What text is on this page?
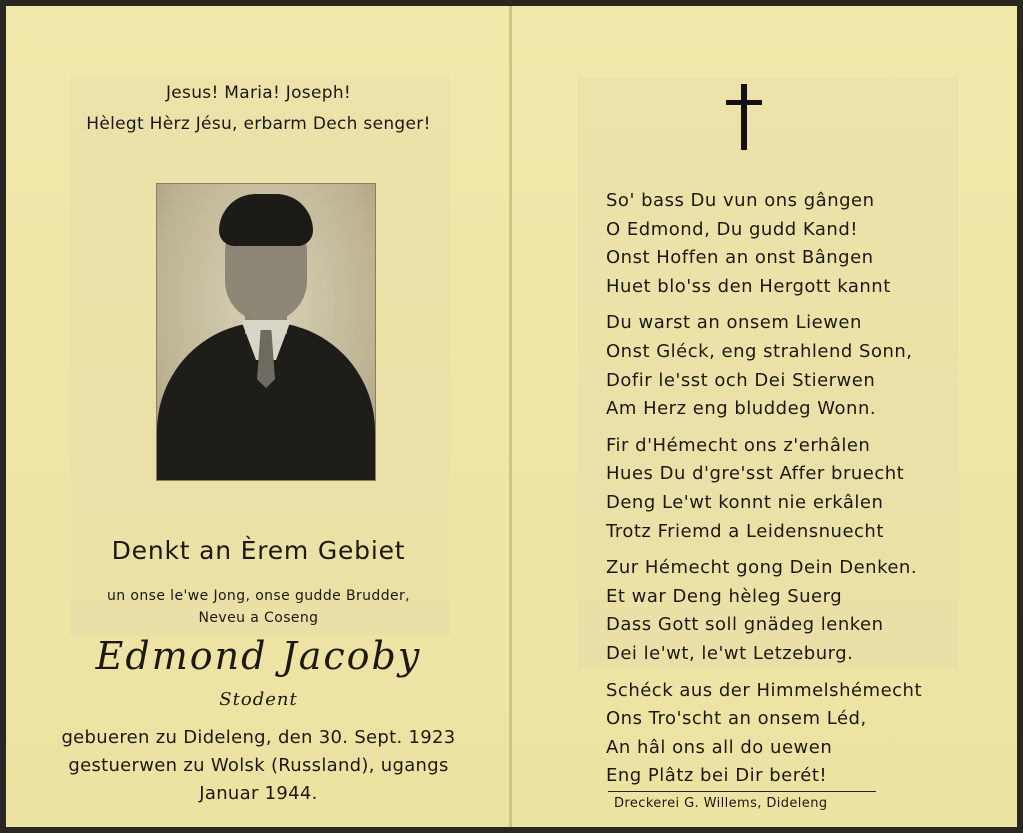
Jesus! Maria! Joseph!
Hèlegt Hèrz Jésu, erbarm Dech senger!
Denkt an Èrem Gebiet
un onse le'we Jong, onse gudde Brudder,
Neveu a Coseng
Edmond Jacoby
Stodent
gebueren zu Dideleng, den 30. Sept. 1923
gestuerwen zu Wolsk (Russland), ugangs
Januar 1944.
So' bass Du vun ons gângen
O Edmond, Du gudd Kand!
Onst Hoffen an onst Bângen
Huet blo'ss den Hergott kannt
Du warst an onsem Liewen
Onst Gléck, eng strahlend Sonn,
Dofir le'sst och Dei Stierwen
Am Herz eng bluddeg Wonn.
Fir d'Hémecht ons z'erhâlen
Hues Du d'gre'sst Affer bruecht
Deng Le'wt konnt nie erkâlen
Trotz Friemd a Leidensnuecht
Zur Hémecht gong Dein Denken.
Et war Deng hèleg Suerg
Dass Gott soll gnädeg lenken
Dei le'wt, le'wt Letzeburg.
Schéck aus der Himmelshémecht
Ons Tro'scht an onsem Léd,
An hâl ons all do uewen
Eng Plâtz bei Dir berét!
Dreckerei G. Willems, Dideleng
